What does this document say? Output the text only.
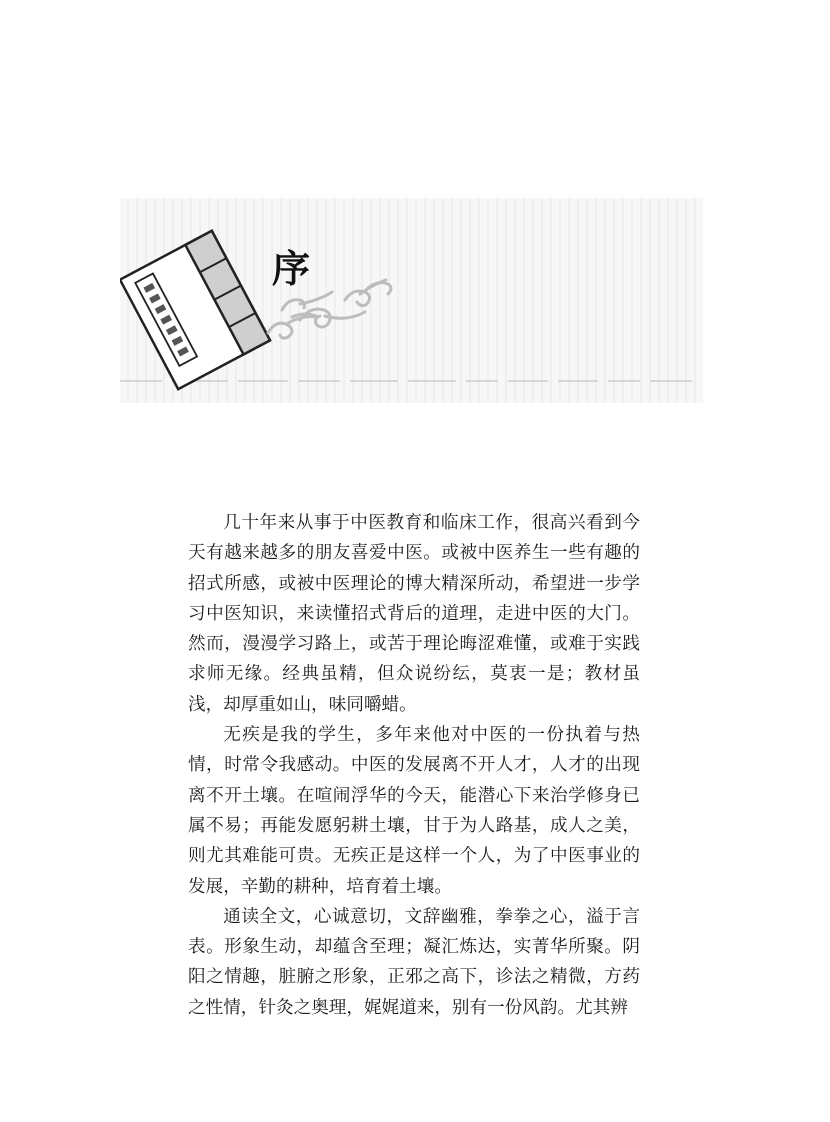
序

几十年来从事于中医教育和临床工作，很高兴看到今天有越来越多的朋友喜爱中医。或被中医养生一些有趣的招式所感，或被中医理论的博大精深所动，希望进一步学习中医知识，来读懂招式背后的道理，走进中医的大门。然而，漫漫学习路上，或苦于理论晦涩难懂，或难于实践求师无缘。经典虽精，但众说纷纭，莫衷一是；教材虽浅，却厚重如山，味同嚼蜡。

无疾是我的学生，多年来他对中医的一份执着与热情，时常令我感动。中医的发展离不开人才，人才的出现离不开土壤。在喧闹浮华的今天，能潜心下来治学修身已属不易；再能发愿躬耕土壤，甘于为人路基，成人之美，则尤其难能可贵。无疾正是这样一个人，为了中医事业的发展，辛勤的耕种，培育着土壤。

通读全文，心诚意切，文辞幽雅，拳拳之心，溢于言表。形象生动，却蕴含至理；凝汇炼达，实菁华所聚。阴阳之情趣，脏腑之形象，正邪之高下，诊法之精微，方药之性情，针灸之奥理，娓娓道来，别有一份风韵。尤其辨
